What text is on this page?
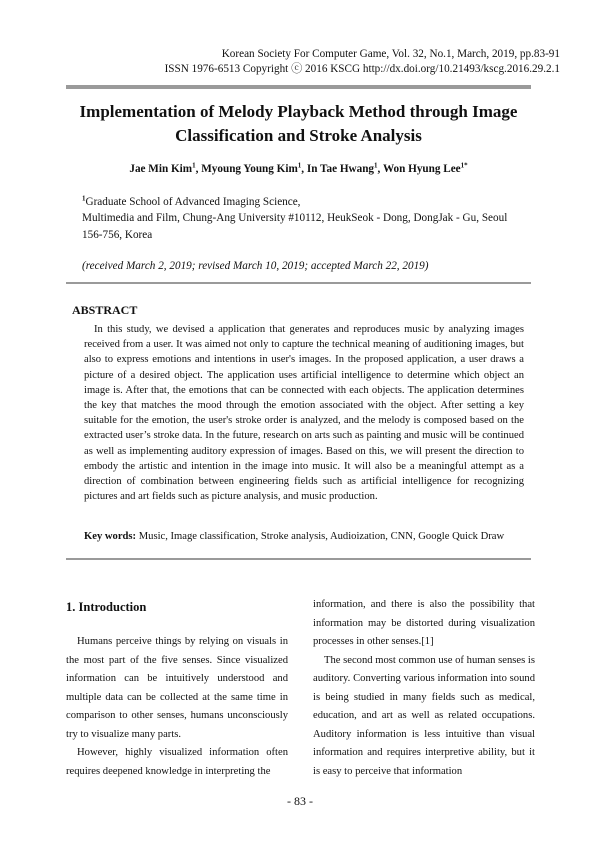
Korean Society For Computer Game, Vol. 32, No.1, March, 2019, pp.83-91
ISSN 1976-6513 Copyright ⓒ 2016 KSCG http://dx.doi.org/10.21493/kscg.2016.29.2.1
Implementation of Melody Playback Method through Image
Classification and Stroke Analysis
Jae Min Kim$^1$, Myoung Young Kim$^1$, In Tae Hwang$^1$, Won Hyung Lee$^{1*}$
$^1$Graduate School of Advanced Imaging Science,
Multimedia and Film, Chung-Ang University #10112, HeukSeok - Dong, DongJak - Gu, Seoul
156-756, Korea
(received March 2, 2019; revised March 10, 2019; accepted March 22, 2019)
ABSTRACT
In this study, we devised a application that generates and reproduces music by analyzing images received from a user. It was aimed not only to capture the technical meaning of auditioning images, but also to express emotions and intentions in user's images. In the proposed application, a user draws a picture of a desired object. The application uses artificial intelligence to determine which object an image is. After that, the emotions that can be connected with each objects. The application determines the key that matches the mood through the emotion associated with the object. After setting a key suitable for the emotion, the user's stroke order is analyzed, and the melody is composed based on the extracted user’s stroke data. In the future, research on arts such as painting and music will be continued as well as implementing auditory expression of images. Based on this, we will present the direction to embody the artistic and intention in the image into music. It will also be a meaningful attempt as a direction of combination between engineering fields such as artificial intelligence for recognizing pictures and art fields such as picture analysis, and music production.
Key words: Music, Image classification, Stroke analysis, Audioization, CNN, Google Quick Draw
1. Introduction

Humans perceive things by relying on visuals in the most part of the five senses. Since visualized information can be intuitively understood and multiple data can be collected at the same time in comparison to other senses, humans unconsciously try to visualize many parts.

However, highly visualized information often requires deepened knowledge in interpreting the

information, and there is also the possibility that information may be distorted during visualization processes in other senses.[1]

The second most common use of human senses is auditory. Converting various information into sound is being studied in many fields such as medical, education, and art as well as related occupations. Auditory information is less intuitive than visual information and requires interpretive ability, but it is easy to perceive that information

- 83 -
